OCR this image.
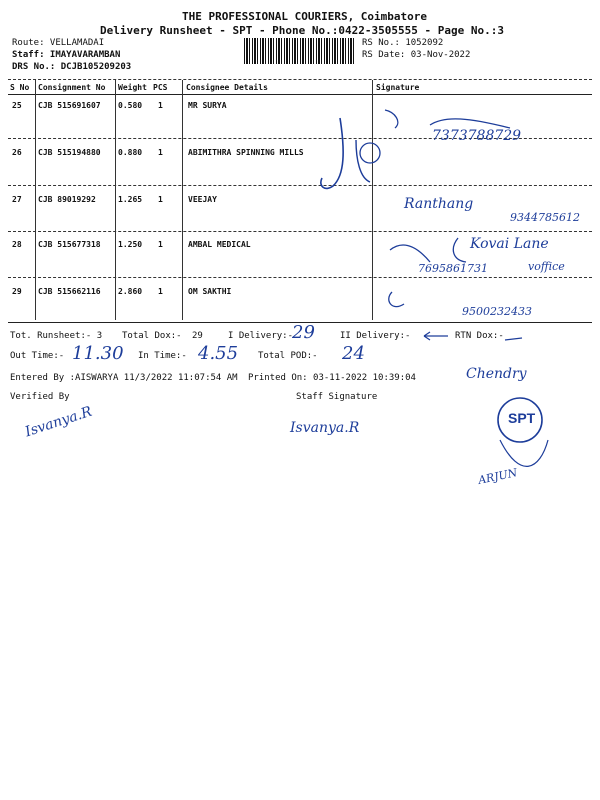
THE PROFESSIONAL COURIERS, Coimbatore
Delivery Runsheet - SPT - Phone No.:0422-3505555 - Page No.:3
Route: VELLAMADAI
Staff: IMAYAVARAMBAN
DRS No.: DCJB105209203
RS No.: 1052092
RS Date: 03-Nov-2022
S No Consignment No Weight PCS Consignee Details	Signature
25 CJB 515691607 0.580 1	MR SURYA
26 CJB 515194880 0.880 1	ABIMITHRA SPINNING MILLS
27 CJB 89019292	1.265 1	VEEJAY
28 CJB 515677318 1.250 1	AMBAL MEDICAL
29 CJB 515662116 2.860 1	OM SAKTHI
Tot. Runsheet:- 3 Total Dox:- 29	I Delivery:-	II Delivery:-	RTN Dox:-
Out Time:-	In Time:-	Total POD:-
Entered By :AISWARYA 11/3/2022 11:07:54 AM Printed On: 03-11-2022 10:39:04
Verified By	Staff Signature
7373788729
Ranthang
9344785612
Kovai Lane
7695861731	voffice
9500232433
29
11.30	4.55	24
Isvanya.R	Isvanya.R
Chendry
SPT
ARJUN
